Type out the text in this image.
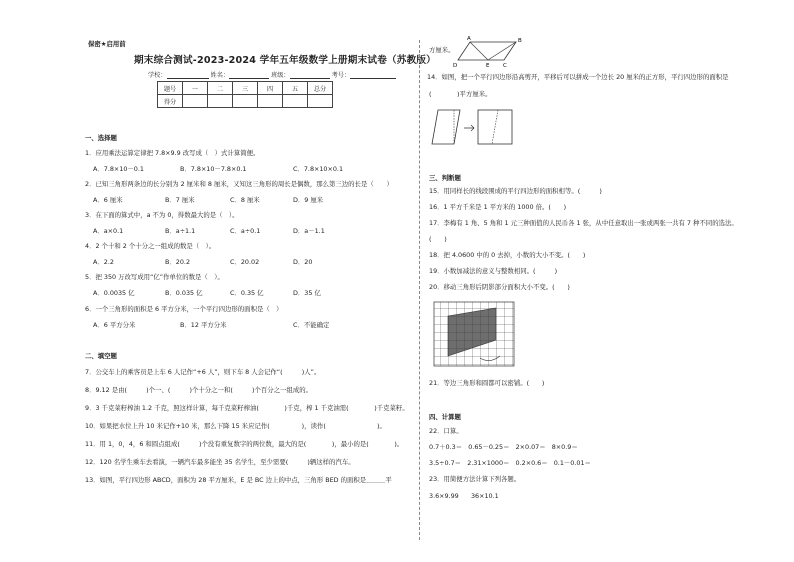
保密★启用前
期末综合测试-2023-2024 学年五年级数学上册期末试卷（苏教版）
学校：	姓名：	班级：	考号：
题号	一	二	三	四	五	总分
得分						
一、选择题
1．应用乘法运算定律把 7.8×9.9 改写成（　）式计算简便。
A．7.8×10－0.1	B．7.8×10－7.8×0.1	C．7.8×10×0.1
2．已知三角形两条边的长分别为 2 厘米和 8 厘米，又知这三角形的周长是偶数，那么第三边的长是（　　）
A．6 厘米	B．7 厘米	C．8 厘米	D．9 厘米
3．在下面的算式中，a 不为 0，得数最大的是（　）。
A．a×0.1	B．a÷1.1	C．a÷0.1	D．a－1.1
4．2 个十和 2 个十分之一组成的数是（　）。
A．2.2	B．20.2	C．20.02	D．20
5．把 350 万改写成用“亿”作单位的数是（　）。
A．0.0035 亿	B．0.035 亿	C．0.35 亿	D．35 亿
6．一个三角形的面积是 6 平方分米，一个平行四边形的面积是（　）
A．6 平方分米	B．12 平方分米	C．不能确定
二、填空题
7．公交车上的乘客员是上车 6 人记作“+6 人”，则下车 8 人会记作“(　　　)人”。
8．9.12 是由(　　　)个一、(　　　)个十分之一和(　　　)个百分之一组成的。
9．3 千克菜籽榨油 1.2 千克，照这样计算，每千克菜籽榨油(　　　　)千克，榨 1 千克油需(　　　　)千克菜籽。
10．如果把水位上升 10 米记作+10 米，那么下降 15 米应记作(　　　　　)，读作(　　　　　　　　)。
11．用 1，0，4，6 和圆点组成(　　　)个没有重复数字的两位数，最大的是(　　　　)，最小的是(　　　　)。
12．120 名学生乘车去看演，一辆汽车最多能坐 35 名学生，至少需要(　　　)辆这样的汽车。
13．如图，平行四边形 ABCD，面积为 28 平方厘米，E 是 BC 边上的中点，三角形 BED 的面积是＿＿＿平
方厘米。
A	B
C
D	E
14．如图，把一个平行四边形沿高剪开，平移后可以拼成一个边长 20 厘米的正方形，平行四边形的面积是
(　　　　)平方厘米。
三、判断题
15．用同样长的线段围成的平行四边形的面积相等。(　　　)
16．1 平方千米是 1 平方米的 1000 倍。(　　)
17．李梅有 1 角、5 角和 1 元三种面值的人民币各 1 张，从中任意取出一张或两张一共有 7 种不同的选法。
(　　)
18．把 4.0600 中的 0 去掉，小数的大小不变。(　　)
19．小数加减法的意义与整数相同。(　　　)
20．移动三角形后阴影部分面积大小不变。(　　)
21．等边三角形和圆都可以密铺。(　　)
四、计算题
22．口算。
0.7＋0.3＝ 0.65－0.25＝ 2×0.07＝ 8×0.9＝
3.5÷0.7＝ 2.31×1000＝ 0.2×0.6＝ 0.1－0.01＝
23．用简便方法计算下列各题。
3.6×9.99 36×10.1
